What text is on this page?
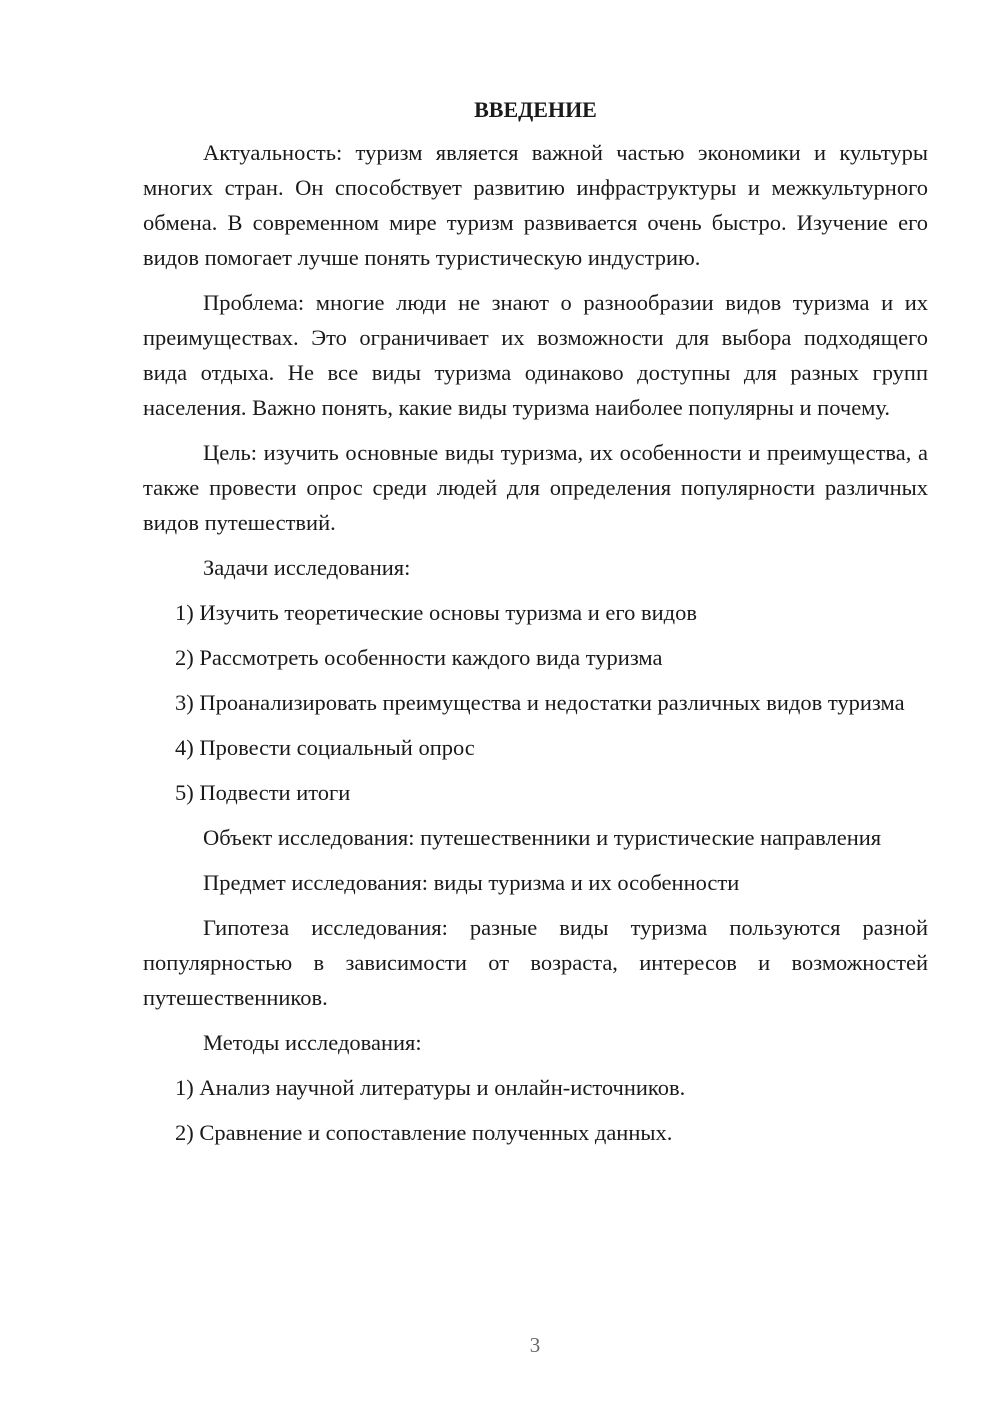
ВВЕДЕНИЕ

Актуальность: туризм является важной частью экономики и культуры многих стран. Он способствует развитию инфраструктуры и межкультурного обмена. В современном мире туризм развивается очень быстро. Изучение его видов помогает лучше понять туристическую индустрию.

Проблема: многие люди не знают о разнообразии видов туризма и их преимуществах. Это ограничивает их возможности для выбора подходящего вида отдыха. Не все виды туризма одинаково доступны для разных групп населения. Важно понять, какие виды туризма наиболее популярны и почему.

Цель: изучить основные виды туризма, их особенности и преимущества, а также провести опрос среди людей для определения популярности различных видов путешествий.

Задачи исследования:

1) Изучить теоретические основы туризма и его видов

2) Рассмотреть особенности каждого вида туризма

3) Проанализировать преимущества и недостатки различных видов туризма

4) Провести социальный опрос

5) Подвести итоги

Объект исследования: путешественники и туристические направления

Предмет исследования: виды туризма и их особенности

Гипотеза исследования: разные виды туризма пользуются разной популярностью в зависимости от возраста, интересов и возможностей путешественников.

Методы исследования:

1) Анализ научной литературы и онлайн-источников.

2) Сравнение и сопоставление полученных данных.

3
